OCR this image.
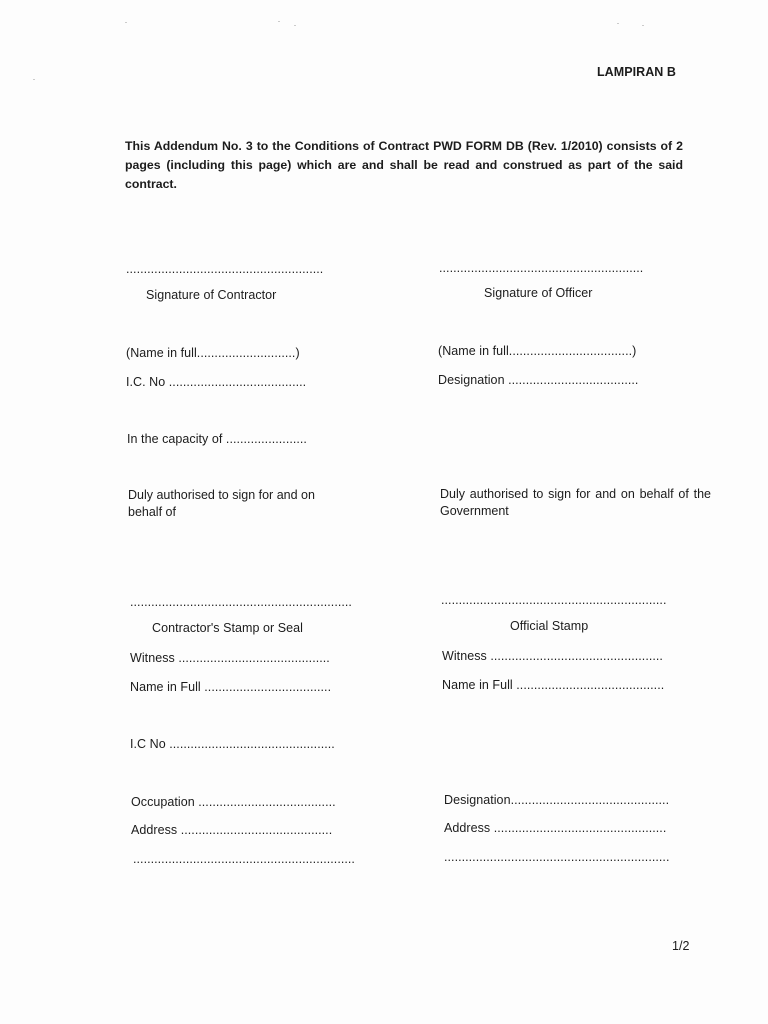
LAMPIRAN B
This Addendum No. 3 to the Conditions of Contract PWD FORM DB (Rev. 1/2010) consists of 2 pages (including this page) which are and shall be read and construed as part of the said contract.
........................................................
Signature of Contractor
(Name in full............................)
I.C. No .......................................
In the capacity of .......................
Duly authorised to sign for and on behalf of
...............................................................
Contractor's Stamp or Seal
Witness ...........................................
Name in Full ....................................
I.C No ...............................................
Occupation .......................................
Address ...........................................
...............................................................
..........................................................
Signature of Officer
(Name in full...................................)
Designation .....................................
Duly authorised to sign for and on behalf of the Government
................................................................
Official Stamp
Witness .................................................
Name in Full ..........................................
Designation.............................................
Address .................................................
................................................................
1/2
